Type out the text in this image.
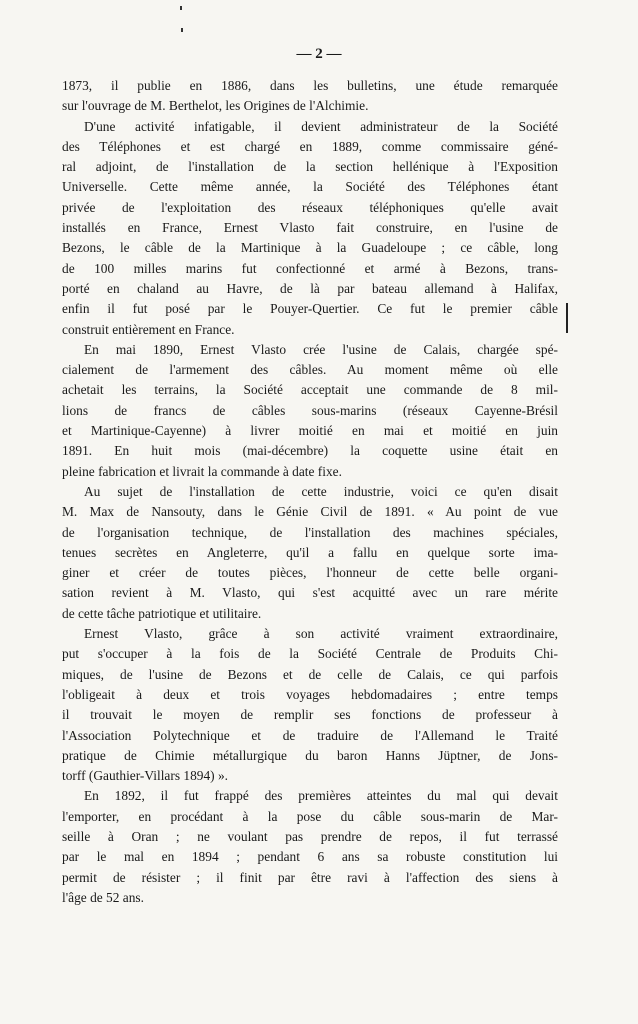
— 2 —
1873, il publie en 1886, dans les bulletins, une étude remarquée
sur l'ouvrage de M. Berthelot, les Origines de l'Alchimie.
D'une activité infatigable, il devient administrateur de la Société
des Téléphones et est chargé en 1889, comme commissaire géné-
ral adjoint, de l'installation de la section hellénique à l'Exposition
Universelle. Cette même année, la Société des Téléphones étant
privée de l'exploitation des réseaux téléphoniques qu'elle avait
installés en France, Ernest Vlasto fait construire, en l'usine de
Bezons, le câble de la Martinique à la Guadeloupe ; ce câble, long
de 100 milles marins fut confectionné et armé à Bezons, trans-
porté en chaland au Havre, de là par bateau allemand à Halifax,
enfin il fut posé par le Pouyer-Quertier. Ce fut le premier câble
construit entièrement en France.
En mai 1890, Ernest Vlasto crée l'usine de Calais, chargée spé-
cialement de l'armement des câbles. Au moment même où elle
achetait les terrains, la Société acceptait une commande de 8 mil-
lions de francs de câbles sous-marins (réseaux Cayenne-Brésil
et Martinique-Cayenne) à livrer moitié en mai et moitié en juin
1891. En huit mois (mai-décembre) la coquette usine était en
pleine fabrication et livrait la commande à date fixe.
Au sujet de l'installation de cette industrie, voici ce qu'en disait
M. Max de Nansouty, dans le Génie Civil de 1891. « Au point de vue
de l'organisation technique, de l'installation des machines spéciales,
tenues secrètes en Angleterre, qu'il a fallu en quelque sorte ima-
giner et créer de toutes pièces, l'honneur de cette belle organi-
sation revient à M. Vlasto, qui s'est acquitté avec un rare mérite
de cette tâche patriotique et utilitaire.
Ernest Vlasto, grâce à son activité vraiment extraordinaire,
put s'occuper à la fois de la Société Centrale de Produits Chi-
miques, de l'usine de Bezons et de celle de Calais, ce qui parfois
l'obligeait à deux et trois voyages hebdomadaires ; entre temps
il trouvait le moyen de remplir ses fonctions de professeur à
l'Association Polytechnique et de traduire de l'Allemand le Traité
pratique de Chimie métallurgique du baron Hanns Jüptner, de Jons-
torff (Gauthier-Villars 1894) ».
En 1892, il fut frappé des premières atteintes du mal qui devait
l'emporter, en procédant à la pose du câble sous-marin de Mar-
seille à Oran ; ne voulant pas prendre de repos, il fut terrassé
par le mal en 1894 ; pendant 6 ans sa robuste constitution lui
permit de résister ; il finit par être ravi à l'affection des siens à
l'âge de 52 ans.
